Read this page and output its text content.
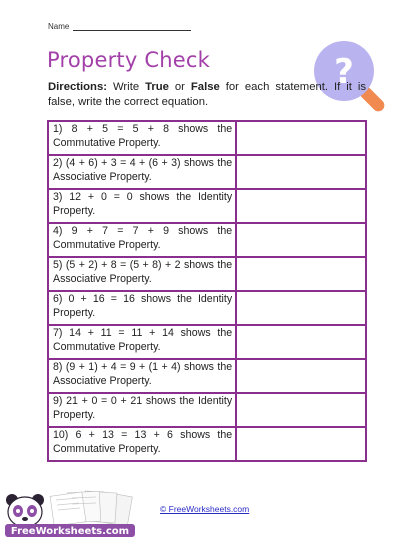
Name
Property Check	?
Directions: Write True or False for each statement. If it is false, write the correct equation.
1) 8 + 5 = 5 + 8 shows the Commutative Property.	
2) (4 + 6) + 3 = 4 + (6 + 3) shows the Associative Property.	
3) 12 + 0 = 0 shows the Identity Property.	
4) 9 + 7 = 7 + 9 shows the Commutative Property.	
5) (5 + 2) + 8 = (5 + 8) + 2 shows the Associative Property.	
6) 0 + 16 = 16 shows the Identity Property.	
7) 14 + 11 = 11 + 14 shows the Commutative Property.	
8) (9 + 1) + 4 = 9 + (1 + 4) shows the Associative Property.	
9) 21 + 0 = 0 + 21 shows the Identity Property.	
10) 6 + 13 = 13 + 6 shows the Commutative Property.	
FreeWorksheets.com
© FreeWorksheets.com
